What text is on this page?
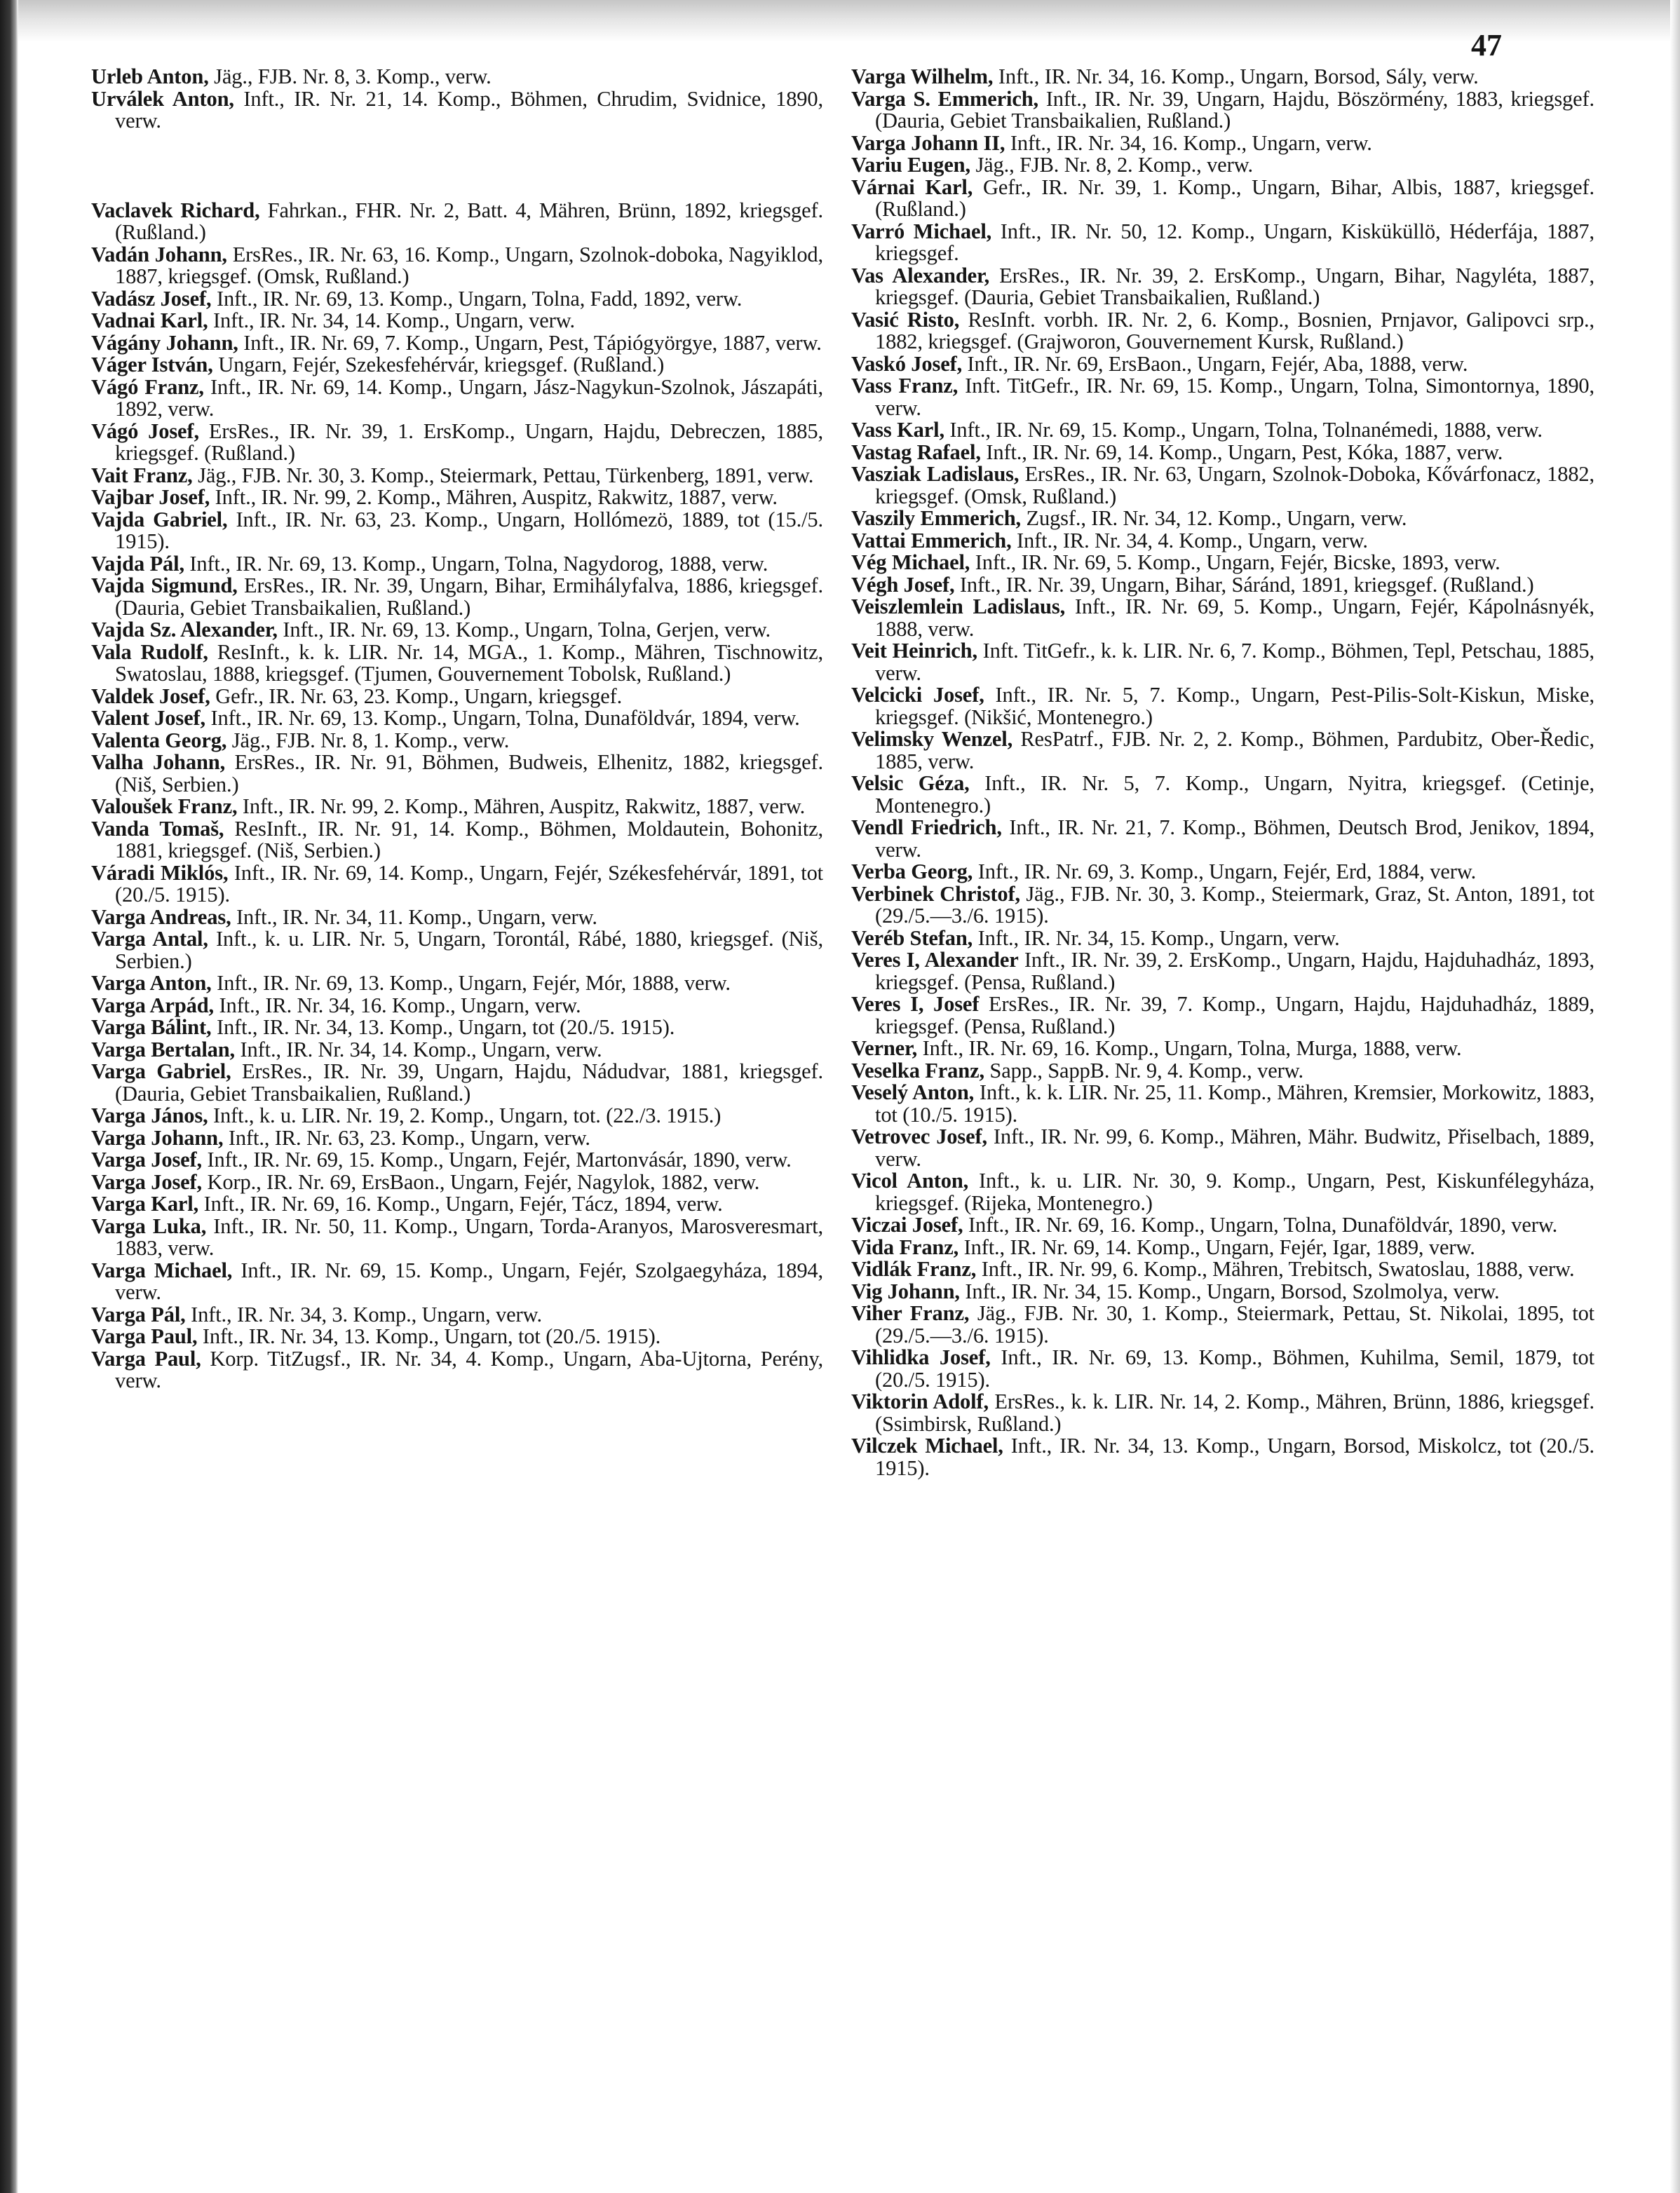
47

Urleb Anton, Jäg., FJB. Nr. 8, 3. Komp., verw.

Urválek Anton, Inft., IR. Nr. 21, 14. Komp., Böhmen, Chrudim, Svidnice, 1890, verw.

Vaclavek Richard, Fahrkan., FHR. Nr. 2, Batt. 4, Mähren, Brünn, 1892, kriegsgef. (Rußland.)

Vadán Johann, ErsRes., IR. Nr. 63, 16. Komp., Ungarn, Szolnok-doboka, Nagyiklod, 1887, kriegsgef. (Omsk, Rußland.)

Vadász Josef, Inft., IR. Nr. 69, 13. Komp., Ungarn, Tolna, Fadd, 1892, verw.

Vadnai Karl, Inft., IR. Nr. 34, 14. Komp., Ungarn, verw.

Vágány Johann, Inft., IR. Nr. 69, 7. Komp., Ungarn, Pest, Tápiógyörgye, 1887, verw.

Váger István, Ungarn, Fejér, Szekesfehérvár, kriegsgef. (Rußland.)

Vágó Franz, Inft., IR. Nr. 69, 14. Komp., Ungarn, Jász-Nagykun-Szolnok, Jászapáti, 1892, verw.

Vágó Josef, ErsRes., IR. Nr. 39, 1. ErsKomp., Ungarn, Hajdu, Debreczen, 1885, kriegsgef. (Rußland.)

Vait Franz, Jäg., FJB. Nr. 30, 3. Komp., Steiermark, Pettau, Türkenberg, 1891, verw.

Vajbar Josef, Inft., IR. Nr. 99, 2. Komp., Mähren, Auspitz, Rakwitz, 1887, verw.

Vajda Gabriel, Inft., IR. Nr. 63, 23. Komp., Ungarn, Hollómezö, 1889, tot (15./5. 1915).

Vajda Pál, Inft., IR. Nr. 69, 13. Komp., Ungarn, Tolna, Nagydorog, 1888, verw.

Vajda Sigmund, ErsRes., IR. Nr. 39, Ungarn, Bihar, Ermihályfalva, 1886, kriegsgef. (Dauria, Gebiet Transbaikalien, Rußland.)

Vajda Sz. Alexander, Inft., IR. Nr. 69, 13. Komp., Ungarn, Tolna, Gerjen, verw.

Vala Rudolf, ResInft., k. k. LIR. Nr. 14, MGA., 1. Komp., Mähren, Tischnowitz, Swatoslau, 1888, kriegsgef. (Tjumen, Gouvernement Tobolsk, Rußland.)

Valdek Josef, Gefr., IR. Nr. 63, 23. Komp., Ungarn, kriegsgef.

Valent Josef, Inft., IR. Nr. 69, 13. Komp., Ungarn, Tolna, Dunaföldvár, 1894, verw.

Valenta Georg, Jäg., FJB. Nr. 8, 1. Komp., verw.

Valha Johann, ErsRes., IR. Nr. 91, Böhmen, Budweis, Elhenitz, 1882, kriegsgef. (Niš, Serbien.)

Valoušek Franz, Inft., IR. Nr. 99, 2. Komp., Mähren, Auspitz, Rakwitz, 1887, verw.

Vanda Tomaš, ResInft., IR. Nr. 91, 14. Komp., Böhmen, Moldautein, Bohonitz, 1881, kriegsgef. (Niš, Serbien.)

Váradi Miklós, Inft., IR. Nr. 69, 14. Komp., Ungarn, Fejér, Székesfehérvár, 1891, tot (20./5. 1915).

Varga Andreas, Inft., IR. Nr. 34, 11. Komp., Ungarn, verw.

Varga Antal, Inft., k. u. LIR. Nr. 5, Ungarn, Torontál, Rábé, 1880, kriegsgef. (Niš, Serbien.)

Varga Anton, Inft., IR. Nr. 69, 13. Komp., Ungarn, Fejér, Mór, 1888, verw.

Varga Arpád, Inft., IR. Nr. 34, 16. Komp., Ungarn, verw.

Varga Bálint, Inft., IR. Nr. 34, 13. Komp., Ungarn, tot (20./5. 1915).

Varga Bertalan, Inft., IR. Nr. 34, 14. Komp., Ungarn, verw.

Varga Gabriel, ErsRes., IR. Nr. 39, Ungarn, Hajdu, Nádudvar, 1881, kriegsgef. (Dauria, Gebiet Transbaikalien, Rußland.)

Varga János, Inft., k. u. LIR. Nr. 19, 2. Komp., Ungarn, tot. (22./3. 1915.)

Varga Johann, Inft., IR. Nr. 63, 23. Komp., Ungarn, verw.

Varga Josef, Inft., IR. Nr. 69, 15. Komp., Ungarn, Fejér, Martonvásár, 1890, verw.

Varga Josef, Korp., IR. Nr. 69, ErsBaon., Ungarn, Fejér, Nagylok, 1882, verw.

Varga Karl, Inft., IR. Nr. 69, 16. Komp., Ungarn, Fejér, Tácz, 1894, verw.

Varga Luka, Inft., IR. Nr. 50, 11. Komp., Ungarn, Torda-Aranyos, Marosveresmart, 1883, verw.

Varga Michael, Inft., IR. Nr. 69, 15. Komp., Ungarn, Fejér, Szolgaegyháza, 1894, verw.

Varga Pál, Inft., IR. Nr. 34, 3. Komp., Ungarn, verw.

Varga Paul, Inft., IR. Nr. 34, 13. Komp., Ungarn, tot (20./5. 1915).

Varga Paul, Korp. TitZugsf., IR. Nr. 34, 4. Komp., Ungarn, Aba-Ujtorna, Perény, verw.

Varga Wilhelm, Inft., IR. Nr. 34, 16. Komp., Ungarn, Borsod, Sály, verw.

Varga S. Emmerich, Inft., IR. Nr. 39, Ungarn, Hajdu, Böszörmény, 1883, kriegsgef. (Dauria, Gebiet Transbaikalien, Rußland.)

Varga Johann II, Inft., IR. Nr. 34, 16. Komp., Ungarn, verw.

Variu Eugen, Jäg., FJB. Nr. 8, 2. Komp., verw.

Várnai Karl, Gefr., IR. Nr. 39, 1. Komp., Ungarn, Bihar, Albis, 1887, kriegsgef. (Rußland.)

Varró Michael, Inft., IR. Nr. 50, 12. Komp., Ungarn, Kisküküllö, Héderfája, 1887, kriegsgef.

Vas Alexander, ErsRes., IR. Nr. 39, 2. ErsKomp., Ungarn, Bihar, Nagyléta, 1887, kriegsgef. (Dauria, Gebiet Transbaikalien, Rußland.)

Vasić Risto, ResInft. vorbh. IR. Nr. 2, 6. Komp., Bosnien, Prnjavor, Galipovci srp., 1882, kriegsgef. (Grajworon, Gouvernement Kursk, Rußland.)

Vaskó Josef, Inft., IR. Nr. 69, ErsBaon., Ungarn, Fejér, Aba, 1888, verw.

Vass Franz, Inft. TitGefr., IR. Nr. 69, 15. Komp., Ungarn, Tolna, Simontornya, 1890, verw.

Vass Karl, Inft., IR. Nr. 69, 15. Komp., Ungarn, Tolna, Tolnanémedi, 1888, verw.

Vastag Rafael, Inft., IR. Nr. 69, 14. Komp., Ungarn, Pest, Kóka, 1887, verw.

Vasziak Ladislaus, ErsRes., IR. Nr. 63, Ungarn, Szolnok-Doboka, Kővárfonacz, 1882, kriegsgef. (Omsk, Rußland.)

Vaszily Emmerich, Zugsf., IR. Nr. 34, 12. Komp., Ungarn, verw.

Vattai Emmerich, Inft., IR. Nr. 34, 4. Komp., Ungarn, verw.

Vég Michael, Inft., IR. Nr. 69, 5. Komp., Ungarn, Fejér, Bicske, 1893, verw.

Végh Josef, Inft., IR. Nr. 39, Ungarn, Bihar, Sáránd, 1891, kriegsgef. (Rußland.)

Veiszlemlein Ladislaus, Inft., IR. Nr. 69, 5. Komp., Ungarn, Fejér, Kápolnásnyék, 1888, verw.

Veit Heinrich, Inft. TitGefr., k. k. LIR. Nr. 6, 7. Komp., Böhmen, Tepl, Petschau, 1885, verw.

Velcicki Josef, Inft., IR. Nr. 5, 7. Komp., Ungarn, Pest-Pilis-Solt-Kiskun, Miske, kriegsgef. (Nikšić, Montenegro.)

Velimsky Wenzel, ResPatrf., FJB. Nr. 2, 2. Komp., Böhmen, Pardubitz, Ober-Ředic, 1885, verw.

Velsic Géza, Inft., IR. Nr. 5, 7. Komp., Ungarn, Nyitra, kriegsgef. (Cetinje, Montenegro.)

Vendl Friedrich, Inft., IR. Nr. 21, 7. Komp., Böhmen, Deutsch Brod, Jenikov, 1894, verw.

Verba Georg, Inft., IR. Nr. 69, 3. Komp., Ungarn, Fejér, Erd, 1884, verw.

Verbinek Christof, Jäg., FJB. Nr. 30, 3. Komp., Steiermark, Graz, St. Anton, 1891, tot (29./5.—3./6. 1915).

Veréb Stefan, Inft., IR. Nr. 34, 15. Komp., Ungarn, verw.

Veres I, Alexander Inft., IR. Nr. 39, 2. ErsKomp., Ungarn, Hajdu, Hajduhadház, 1893, kriegsgef. (Pensa, Rußland.)

Veres I, Josef ErsRes., IR. Nr. 39, 7. Komp., Ungarn, Hajdu, Hajduhadház, 1889, kriegsgef. (Pensa, Rußland.)

Verner, Inft., IR. Nr. 69, 16. Komp., Ungarn, Tolna, Murga, 1888, verw.

Veselka Franz, Sapp., SappB. Nr. 9, 4. Komp., verw.

Veselý Anton, Inft., k. k. LIR. Nr. 25, 11. Komp., Mähren, Kremsier, Morkowitz, 1883, tot (10./5. 1915).

Vetrovec Josef, Inft., IR. Nr. 99, 6. Komp., Mähren, Mähr. Budwitz, Přiselbach, 1889, verw.

Vicol Anton, Inft., k. u. LIR. Nr. 30, 9. Komp., Ungarn, Pest, Kiskunfélegyháza, kriegsgef. (Rijeka, Montenegro.)

Viczai Josef, Inft., IR. Nr. 69, 16. Komp., Ungarn, Tolna, Dunaföldvár, 1890, verw.

Vida Franz, Inft., IR. Nr. 69, 14. Komp., Ungarn, Fejér, Igar, 1889, verw.

Vidlák Franz, Inft., IR. Nr. 99, 6. Komp., Mähren, Trebitsch, Swatoslau, 1888, verw.

Vig Johann, Inft., IR. Nr. 34, 15. Komp., Ungarn, Borsod, Szolmolya, verw.

Viher Franz, Jäg., FJB. Nr. 30, 1. Komp., Steiermark, Pettau, St. Nikolai, 1895, tot (29./5.—3./6. 1915).

Vihlidka Josef, Inft., IR. Nr. 69, 13. Komp., Böhmen, Kuhilma, Semil, 1879, tot (20./5. 1915).

Viktorin Adolf, ErsRes., k. k. LIR. Nr. 14, 2. Komp., Mähren, Brünn, 1886, kriegsgef. (Ssimbirsk, Rußland.)

Vilczek Michael, Inft., IR. Nr. 34, 13. Komp., Ungarn, Borsod, Miskolcz, tot (20./5. 1915).
